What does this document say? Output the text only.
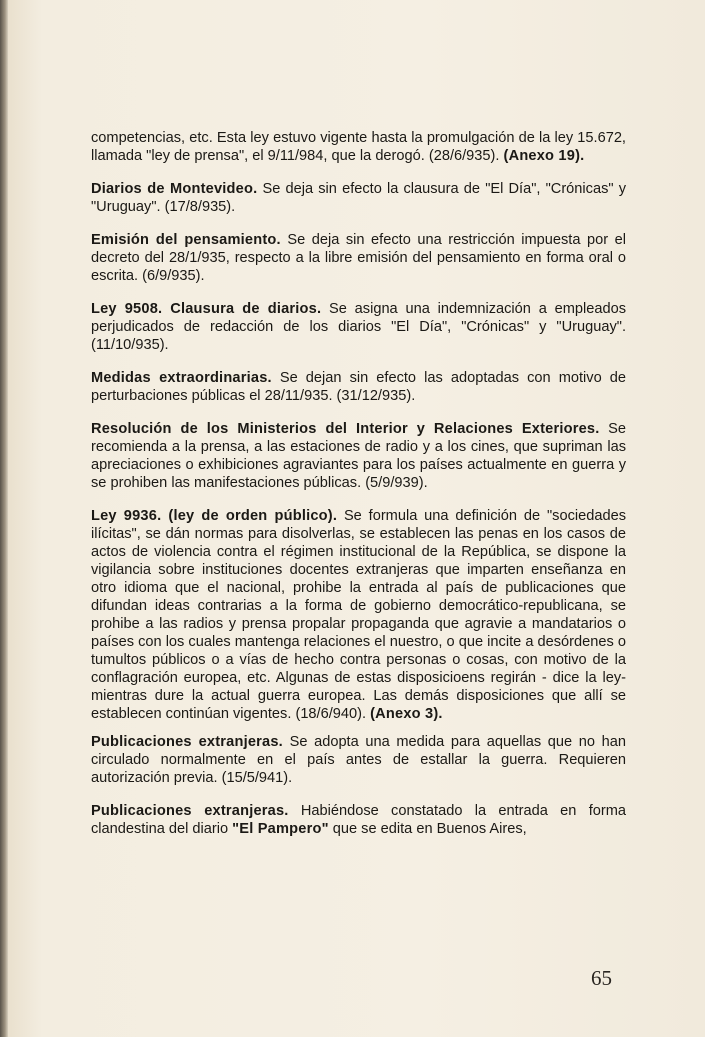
competencias, etc. Esta ley estuvo vigente hasta la promulgación de la ley 15.672, llamada "ley de prensa", el 9/11/984, que la derogó. (28/6/935). (Anexo 19).

Diarios de Montevideo. Se deja sin efecto la clausura de "El Día", "Crónicas" y "Uruguay". (17/8/935).

Emisión del pensamiento. Se deja sin efecto una restricción impuesta por el decreto del 28/1/935, respecto a la libre emisión del pensamiento en forma oral o escrita. (6/9/935).

Ley 9508. Clausura de diarios. Se asigna una indemnización a empleados perjudicados de redacción de los diarios "El Día", "Crónicas" y "Uruguay". (11/10/935).

Medidas extraordinarias. Se dejan sin efecto las adoptadas con motivo de perturbaciones públicas el 28/11/935. (31/12/935).

Resolución de los Ministerios del Interior y Relaciones Exteriores. Se recomienda a la prensa, a las estaciones de radio y a los cines, que supriman las apreciaciones o exhibiciones agraviantes para los países actualmente en guerra y se prohiben las manifestaciones públicas. (5/9/939).

Ley 9936. (ley de orden público). Se formula una definición de "sociedades ilícitas", se dán normas para disolverlas, se establecen las penas en los casos de actos de violencia contra el régimen institucional de la República, se dispone la vigilancia sobre instituciones docentes extranjeras que imparten enseñanza en otro idioma que el nacional, prohibe la entrada al país de publicaciones que difundan ideas contrarias a la forma de gobierno democrático-republicana, se prohibe a las radios y prensa propalar propaganda que agravie a mandatarios o países con los cuales mantenga relaciones el nuestro, o que incite a desórdenes o tumultos públicos o a vías de hecho contra personas o cosas, con motivo de la conflagración europea, etc. Algunas de estas disposicioens regirán - dice la ley- mientras dure la actual guerra europea. Las demás disposiciones que allí se establecen continúan vigentes. (18/6/940). (Anexo 3).

Publicaciones extranjeras. Se adopta una medida para aquellas que no han circulado normalmente en el país antes de estallar la guerra. Requieren autorización previa. (15/5/941).

Publicaciones extranjeras. Habiéndose constatado la entrada en forma clandestina del diario "El Pampero" que se edita en Buenos Aires,

65
